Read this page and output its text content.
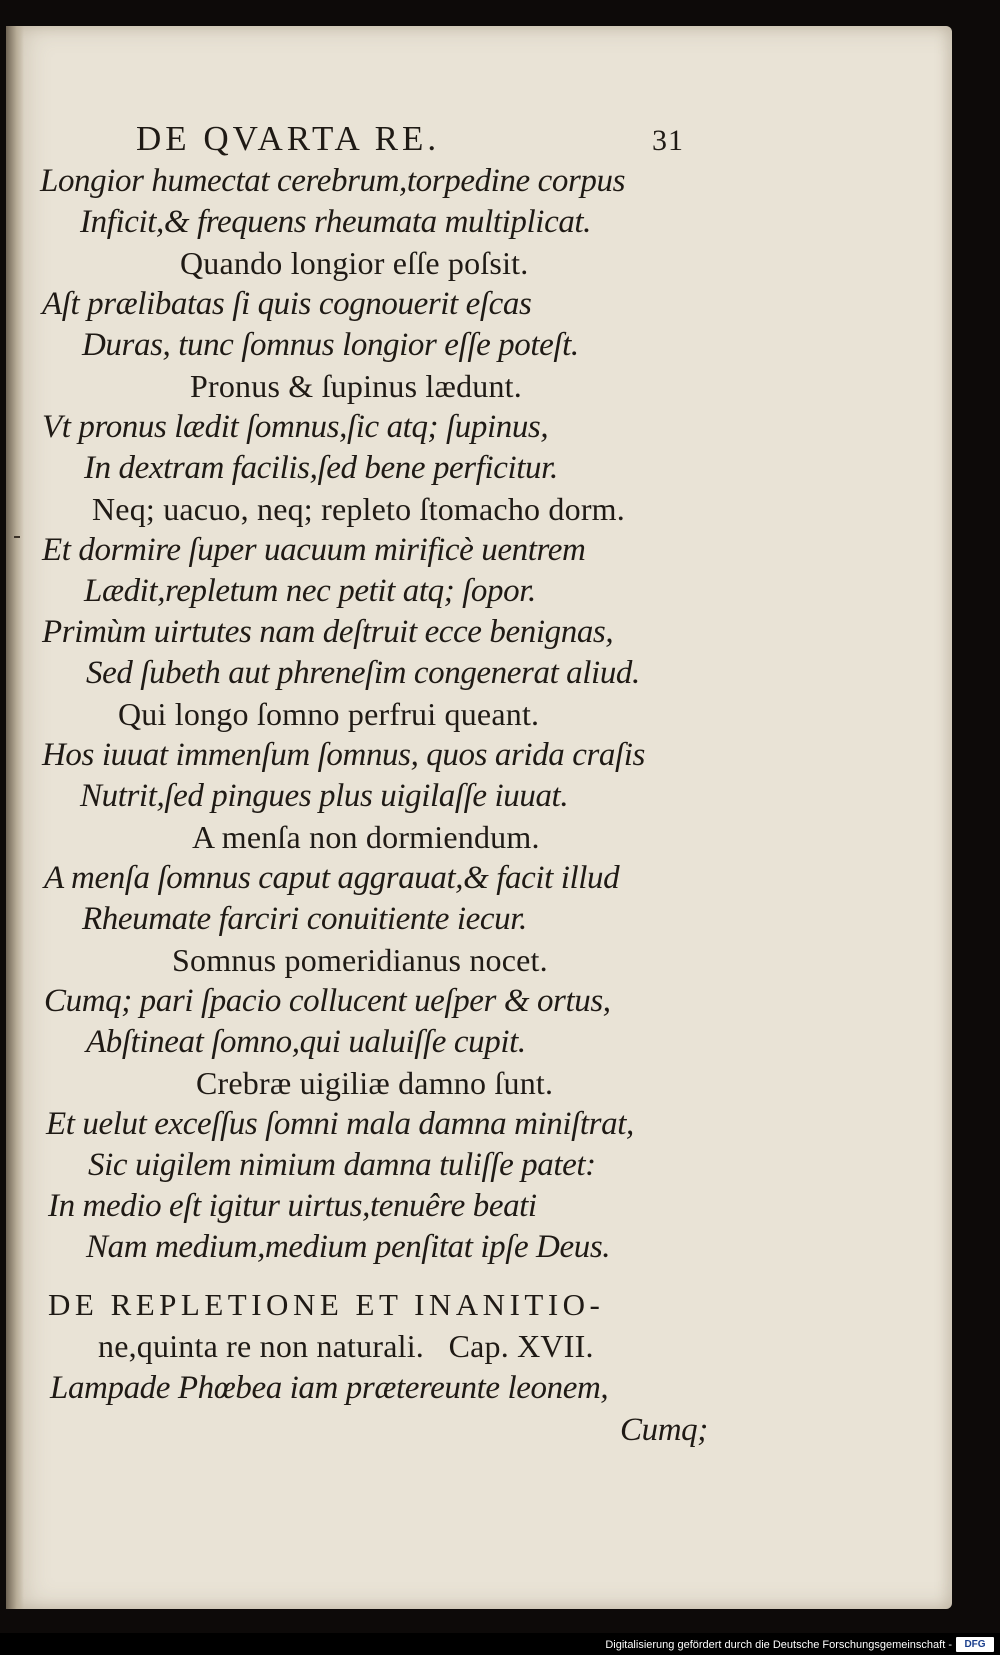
DE QVARTA RE.	31
Longior humectat cerebrum,torpedine corpus
Inficit,& frequens rheumata multiplicat.
Quando longior eſſe poſsit.
Aſt prælibatas ſi quis cognouerit eſcas
Duras, tunc ſomnus longior eſſe poteſt.
Pronus & ſupinus lædunt.
Vt pronus lædit ſomnus,ſic atq; ſupinus,
In dextram facilis,ſed bene perficitur.
Neq; uacuo, neq; repleto ſtomacho dorm.
Et dormire ſuper uacuum mirificè uentrem
Lædit,repletum nec petit atq; ſopor.
Primùm uirtutes nam deſtruit ecce benignas,
Sed ſubeth aut phreneſim congenerat aliud.
Qui longo ſomno perfrui queant.
Hos iuuat immenſum ſomnus, quos arida craſis
Nutrit,ſed pingues plus uigilaſſe iuuat.
A menſa non dormiendum.
A menſa ſomnus caput aggrauat,& facit illud
Rheumate farciri conuitiente iecur.
Somnus pomeridianus nocet.
Cumq; pari ſpacio collucent ueſper & ortus,
Abſtineat ſomno,qui ualuiſſe cupit.
Crebræ uigiliæ damno ſunt.
Et uelut exceſſus ſomni mala damna miniſtrat,
Sic uigilem nimium damna tuliſſe patet:
In medio eſt igitur uirtus,tenuêre beati
Nam medium,medium penſitat ipſe Deus.
DE REPLETIONE ET INANITIO-
ne,quinta re non naturali.   Cap. XVII.
Lampade Phœbea iam prætereunte leonem,
Cumq;
Digitalisierung gefördert durch die Deutsche Forschungsgemeinschaft -	DFG
